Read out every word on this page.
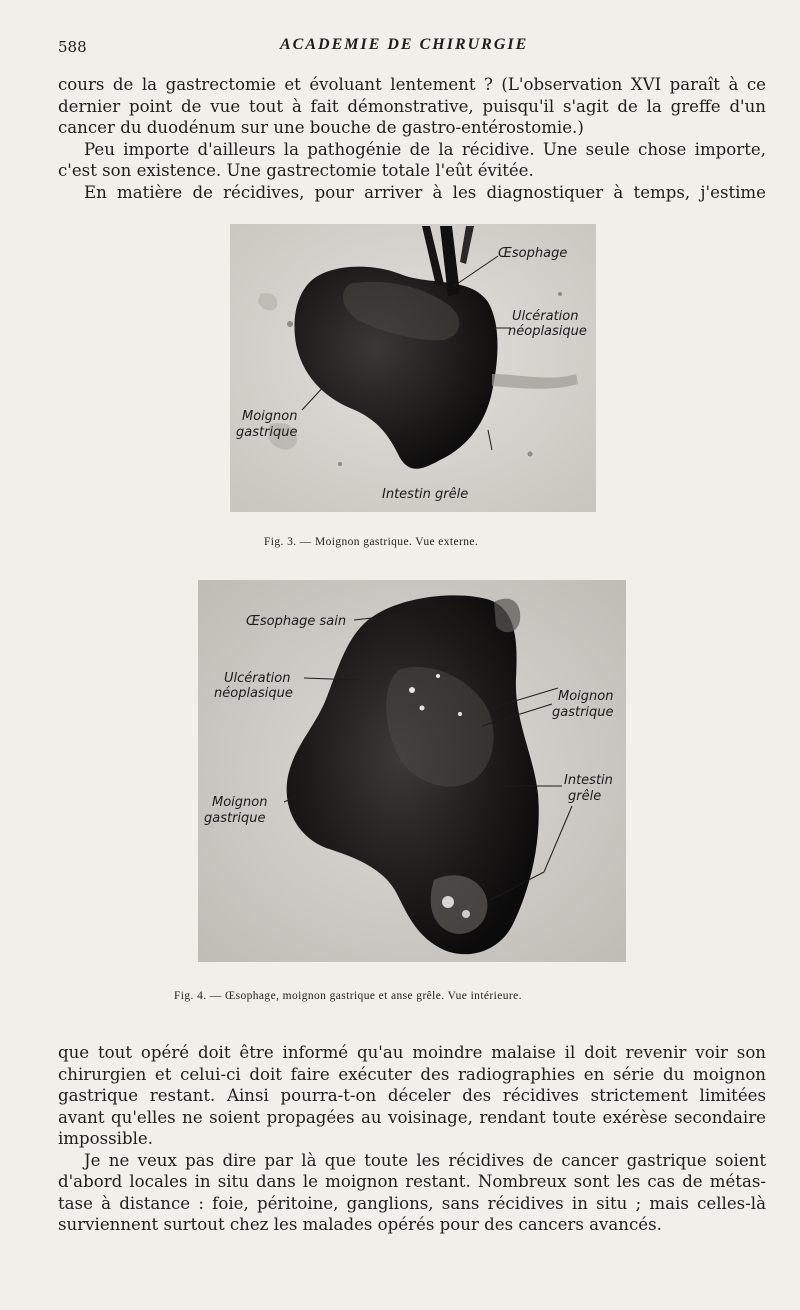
588	ACADEMIE DE CHIRURGIE
cours de la gastrectomie et évoluant lentement ? (L'observation XVI paraît à ce
dernier point de vue tout à fait démonstrative, puisqu'il s'agit de la greffe d'un
cancer du duodénum sur une bouche de gastro-entérostomie.)
Peu importe d'ailleurs la pathogénie de la récidive. Une seule chose importe,
c'est son existence. Une gastrectomie totale l'eût évitée.
En matière de récidives, pour arriver à les diagnostiquer à temps, j'estime
Œsophage
Ulcération
néoplasique
Moignon
gastrique
Intestin grêle
Fig. 3. — Moignon gastrique. Vue externe.
Œsophage sain
Ulcération
néoplasique	Moignon
gastrique
Intestin
grêle
Moignon
gastrique
Fig. 4. — Œsophage, moignon gastrique et anse grêle. Vue intérieure.
que tout opéré doit être informé qu'au moindre malaise il doit revenir voir son
chirurgien et celui-ci doit faire exécuter des radiographies en série du moignon
gastrique restant. Ainsi pourra-t-on déceler des récidives strictement limitées
avant qu'elles ne soient propagées au voisinage, rendant toute exérèse secondaire
impossible.
Je ne veux pas dire par là que toute les récidives de cancer gastrique soient
d'abord locales in situ dans le moignon restant. Nombreux sont les cas de métas-
tase à distance : foie, péritoine, ganglions, sans récidives in situ ; mais celles-là
surviennent surtout chez les malades opérés pour des cancers avancés.
